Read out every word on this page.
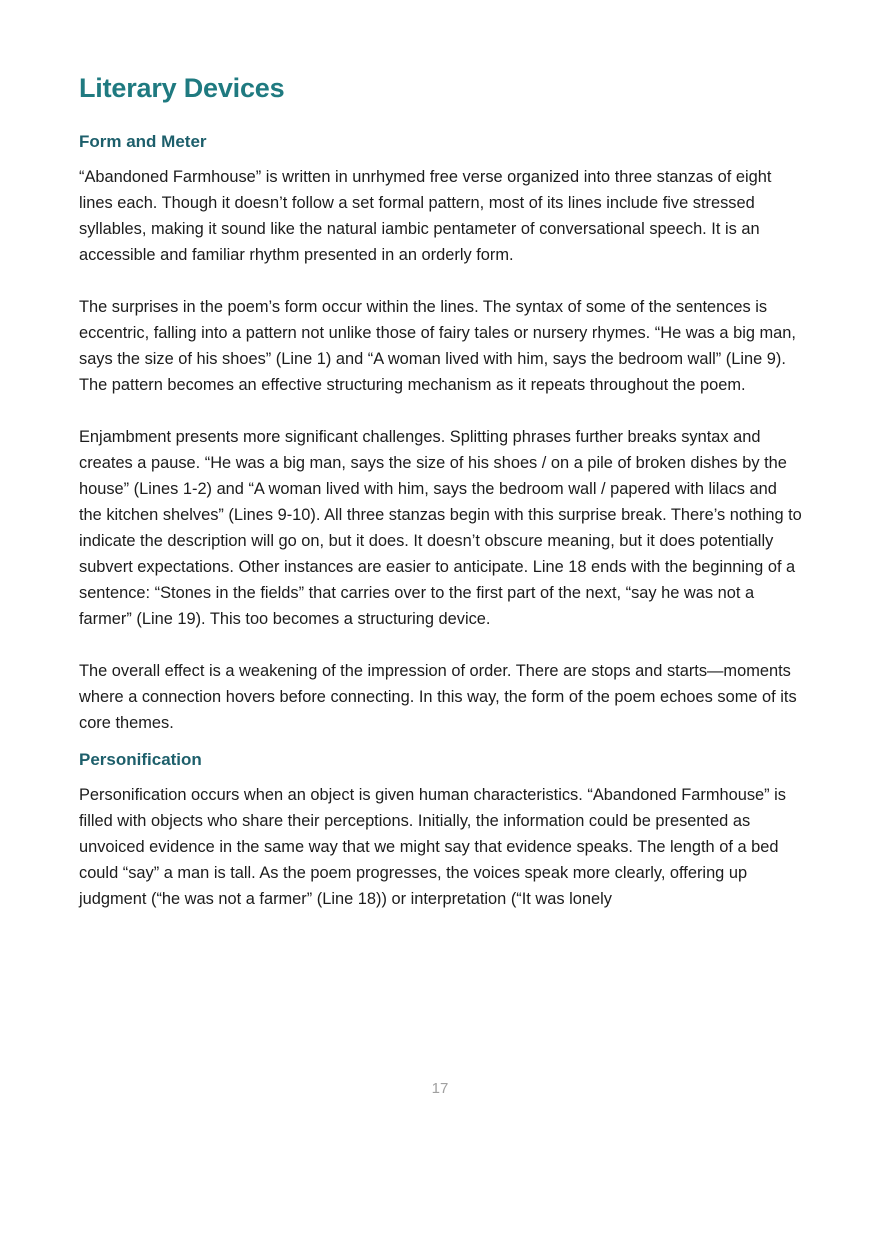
Literary Devices
Form and Meter

“Abandoned Farmhouse” is written in unrhymed free verse organized into three stanzas of eight lines each. Though it doesn’t follow a set formal pattern, most of its lines include five stressed syllables, making it sound like the natural iambic pentameter of conversational speech. It is an accessible and familiar rhythm presented in an orderly form.

The surprises in the poem’s form occur within the lines. The syntax of some of the sentences is eccentric, falling into a pattern not unlike those of fairy tales or nursery rhymes. “He was a big man, says the size of his shoes” (Line 1) and “A woman lived with him, says the bedroom wall” (Line 9). The pattern becomes an effective structuring mechanism as it repeats throughout the poem.

Enjambment presents more significant challenges. Splitting phrases further breaks syntax and creates a pause. “He was a big man, says the size of his shoes / on a pile of broken dishes by the house” (Lines 1-2) and “A woman lived with him, says the bedroom wall / papered with lilacs and the kitchen shelves” (Lines 9-10). All three stanzas begin with this surprise break. There’s nothing to indicate the description will go on, but it does. It doesn’t obscure meaning, but it does potentially subvert expectations. Other instances are easier to anticipate. Line 18 ends with the beginning of a sentence: “Stones in the fields” that carries over to the first part of the next, “say he was not a farmer” (Line 19). This too becomes a structuring device.

The overall effect is a weakening of the impression of order. There are stops and starts—moments where a connection hovers before connecting. In this way, the form of the poem echoes some of its core themes.

Personification

Personification occurs when an object is given human characteristics. “Abandoned Farmhouse” is filled with objects who share their perceptions. Initially, the information could be presented as unvoiced evidence in the same way that we might say that evidence speaks. The length of a bed could “say” a man is tall. As the poem progresses, the voices speak more clearly, offering up judgment (“he was not a farmer” (Line 18)) or interpretation (“It was lonely

17
